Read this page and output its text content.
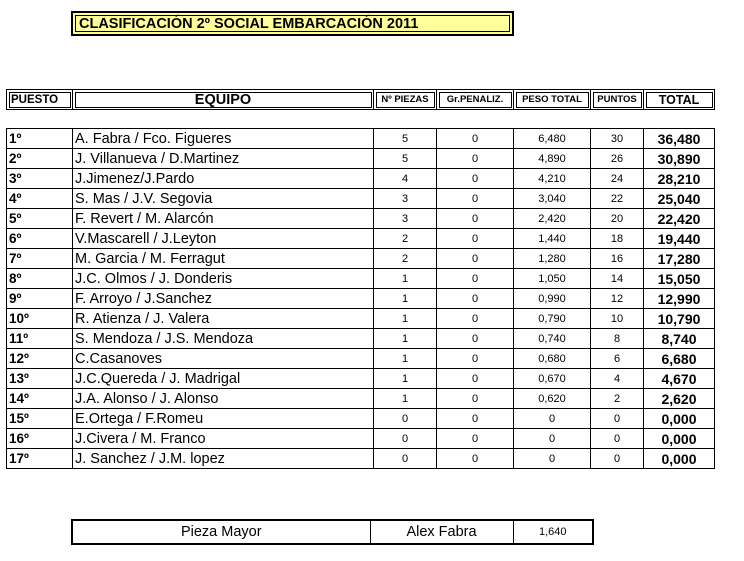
CLASIFICACIÓN 2º SOCIAL EMBARCACIÓN 2011
PUESTO	EQUIPO	Nº PIEZAS	Gr.PENALIZ.	PESO TOTAL	PUNTOS	TOTAL
1º	A. Fabra / Fco. Figueres	5	0	6,480	30	36,480
2º	J. Villanueva / D.Martinez	5	0	4,890	26	30,890
3º	J.Jimenez/J.Pardo	4	0	4,210	24	28,210
4º	S. Mas / J.V. Segovia	3	0	3,040	22	25,040
5º	F. Revert / M. Alarcón	3	0	2,420	20	22,420
6º	V.Mascarell / J.Leyton	2	0	1,440	18	19,440
7º	M. Garcia / M. Ferragut	2	0	1,280	16	17,280
8º	J.C. Olmos / J. Donderis	1	0	1,050	14	15,050
9º	F. Arroyo / J.Sanchez	1	0	0,990	12	12,990
10º	R. Atienza / J. Valera	1	0	0,790	10	10,790
11º	S. Mendoza / J.S. Mendoza	1	0	0,740	8	8,740
12º	C.Casanoves	1	0	0,680	6	6,680
13º	J.C.Quereda / J. Madrigal	1	0	0,670	4	4,670
14º	J.A. Alonso / J. Alonso	1	0	0,620	2	2,620
15º	E.Ortega / F.Romeu	0	0	0	0	0,000
16º	J.Civera / M. Franco	0	0	0	0	0,000
17º	J. Sanchez / J.M. lopez	0	0	0	0	0,000
Pieza Mayor	Alex Fabra	1,640
